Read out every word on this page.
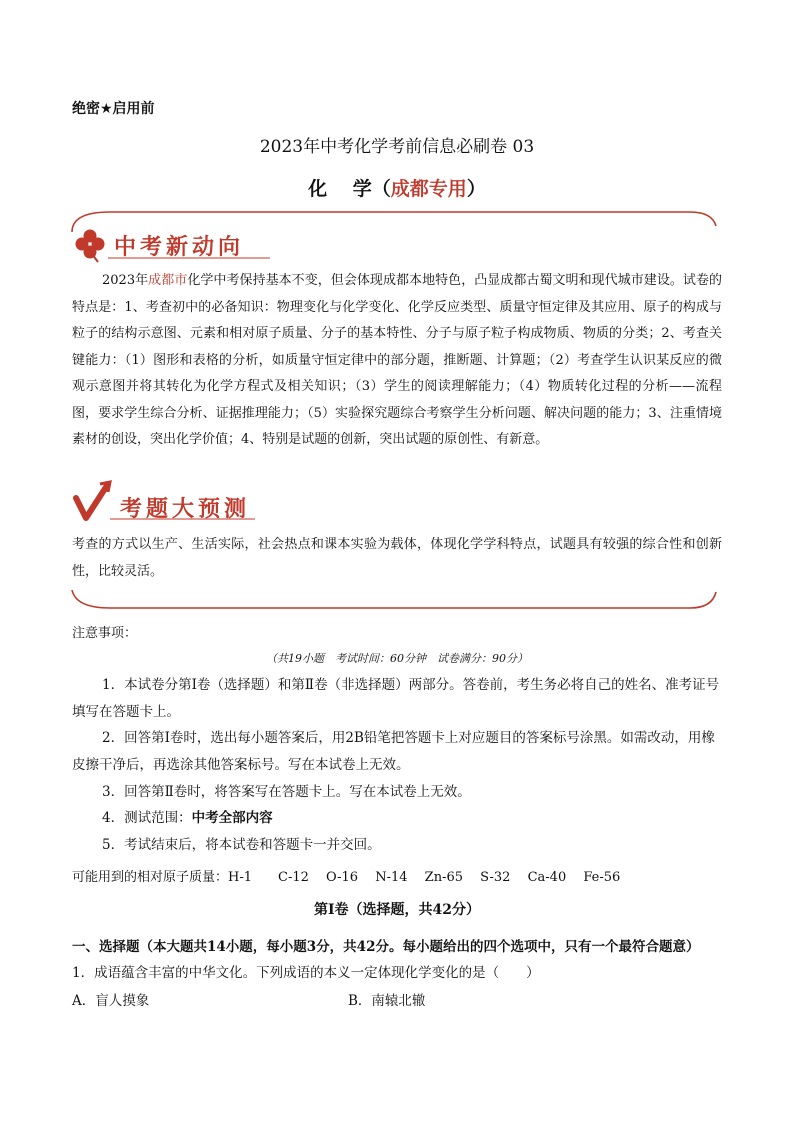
绝密★启用前
2023年中考化学考前信息必刷卷 03
化　 学（成都专用）
中考新动向
2023年成都市化学中考保持基本不变，但会体现成都本地特色，凸显成都古蜀文明和现代城市建设。试卷的特点是：1、考查初中的必备知识：物理变化与化学变化、化学反应类型、质量守恒定律及其应用、原子的构成与粒子的结构示意图、元素和相对原子质量、分子的基本特性、分子与原子粒子构成物质、物质的分类；2、考查关键能力：（1）图形和表格的分析，如质量守恒定律中的部分题，推断题、计算题；（2）考查学生认识某反应的微观示意图并将其转化为化学方程式及相关知识；（3）学生的阅读理解能力；（4）物质转化过程的分析——流程图，要求学生综合分析、证据推理能力；（5）实验探究题综合考察学生分析问题、解决问题的能力；3、注重情境素材的创设，突出化学价值；4、特别是试题的创新，突出试题的原创性、有新意。
考题大预测
考查的方式以生产、生活实际，社会热点和课本实验为载体，体现化学学科特点，试题具有较强的综合性和创新性，比较灵活。
注意事项：
（共19小题　考试时间：60分钟　试卷满分：90分）
1．本试卷分第Ⅰ卷（选择题）和第Ⅱ卷（非选择题）两部分。答卷前，考生务必将自己的姓名、准考证号填写在答题卡上。
2．回答第Ⅰ卷时，选出每小题答案后，用2B铅笔把答题卡上对应题目的答案标号涂黑。如需改动，用橡皮擦干净后，再选涂其他答案标号。写在本试卷上无效。
3．回答第Ⅱ卷时，将答案写在答题卡上。写在本试卷上无效。
4．测试范围：中考全部内容
5．考试结束后，将本试卷和答题卡一并交回。
可能用到的相对原子质量：H-1　　C-12　 O-16　 N-14　 Zn-65　 S-32　 Ca-40　 Fe-56
第Ⅰ卷（选择题，共42分）
一、选择题（本大题共14小题，每小题3分，共42分。每小题给出的四个选项中，只有一个最符合题意）
1．成语蕴含丰富的中华文化。下列成语的本义一定体现化学变化的是（　　）
A．盲人摸象	B．南辕北辙
